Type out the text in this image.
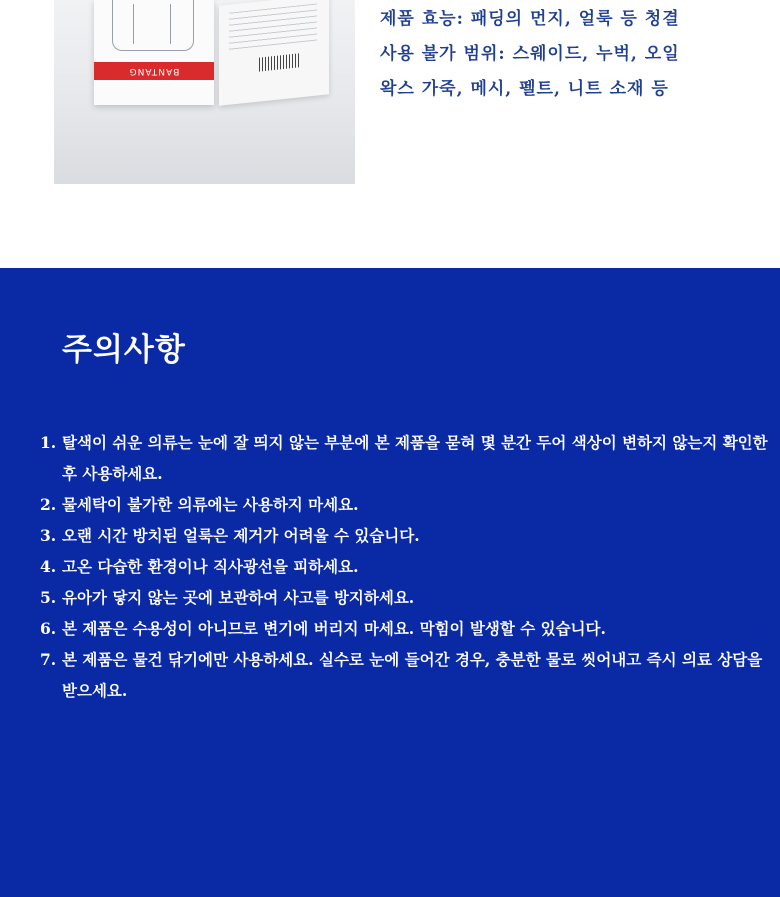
BANTANG
제품 효능: 패딩의 먼지, 얼룩 등 청결
사용 불가 범위: 스웨이드, 누벅, 오일
왁스 가죽, 메시, 펠트, 니트 소재 등
주의사항
1. 탈색이 쉬운 의류는 눈에 잘 띄지 않는 부분에 본 제품을 묻혀 몇 분간 두어 색상이 변하지 않는지 확인한 후 사용하세요.
2. 물세탁이 불가한 의류에는 사용하지 마세요.
3. 오랜 시간 방치된 얼룩은 제거가 어려울 수 있습니다.
4. 고온 다습한 환경이나 직사광선을 피하세요.
5. 유아가 닿지 않는 곳에 보관하여 사고를 방지하세요.
6. 본 제품은 수용성이 아니므로 변기에 버리지 마세요. 막힘이 발생할 수 있습니다.
7. 본 제품은 물건 닦기에만 사용하세요. 실수로 눈에 들어간 경우, 충분한 물로 씻어내고 즉시 의료 상담을 받으세요.
